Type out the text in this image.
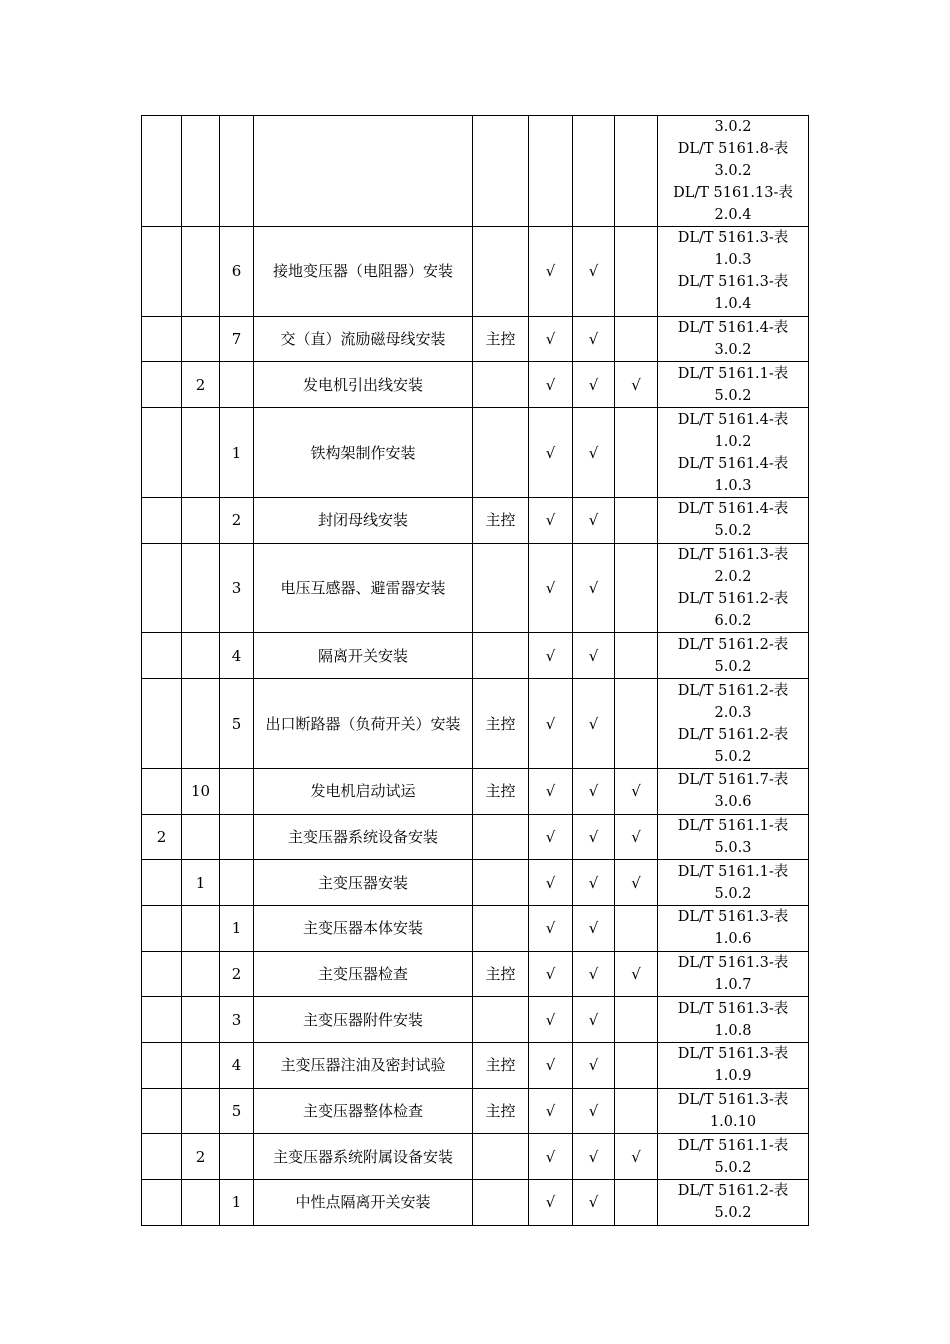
								3.0.2
DL/T 5161.8-表
3.0.2
DL/T 5161.13-表
2.0.4
		6	接地变压器（电阻器）安装		√	√		DL/T 5161.3-表
1.0.3
DL/T 5161.3-表
1.0.4
		7	交（直）流励磁母线安装	主控	√	√		DL/T 5161.4-表
3.0.2
	2		发电机引出线安装		√	√	√	DL/T 5161.1-表
5.0.2
		1	铁构架制作安装		√	√		DL/T 5161.4-表
1.0.2
DL/T 5161.4-表
1.0.3
		2	封闭母线安装	主控	√	√		DL/T 5161.4-表
5.0.2
		3	电压互感器、避雷器安装		√	√		DL/T 5161.3-表
2.0.2
DL/T 5161.2-表
6.0.2
		4	隔离开关安装		√	√		DL/T 5161.2-表
5.0.2
		5	出口断路器（负荷开关）安装	主控	√	√		DL/T 5161.2-表
2.0.3
DL/T 5161.2-表
5.0.2
	10		发电机启动试运	主控	√	√	√	DL/T 5161.7-表
3.0.6
2			主变压器系统设备安装		√	√	√	DL/T 5161.1-表
5.0.3
	1		主变压器安装		√	√	√	DL/T 5161.1-表
5.0.2
		1	主变压器本体安装		√	√		DL/T 5161.3-表
1.0.6
		2	主变压器检查	主控	√	√	√	DL/T 5161.3-表
1.0.7
		3	主变压器附件安装		√	√		DL/T 5161.3-表
1.0.8
		4	主变压器注油及密封试验	主控	√	√		DL/T 5161.3-表
1.0.9
		5	主变压器整体检查	主控	√	√		DL/T 5161.3-表
1.0.10
	2		主变压器系统附属设备安装		√	√	√	DL/T 5161.1-表
5.0.2
		1	中性点隔离开关安装		√	√		DL/T 5161.2-表
5.0.2
